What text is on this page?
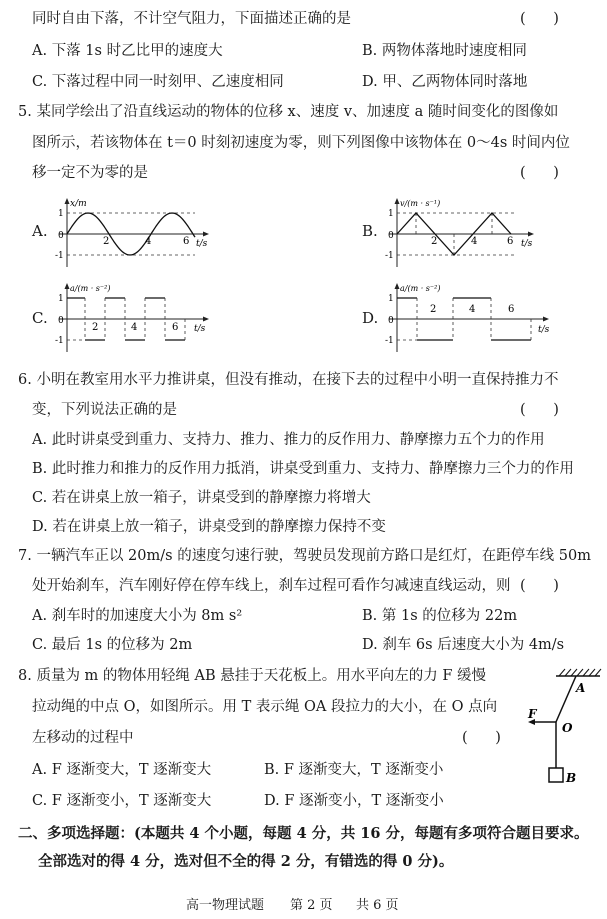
同时自由下落，不计空气阻力，下面描述正确的是	(      )
A. 下落 1s 时乙比甲的速度大	B. 两物体落地时速度相同
C. 下落过程中同一时刻甲、乙速度相同	D. 甲、乙两物体同时落地
5. 某同学绘出了沿直线运动的物体的位移 x、速度 v、加速度 a 随时间变化的图像如
图所示，若该物体在 t＝0 时刻初速度为零，则下列图像中该物体在 0～4s 时间内位
移一定不为零的是	(      )
A.
x/m
1
0
-1
2	4	6 t/s
B.
v/(m · s⁻¹)
1
0
-1
2	4	6 t/s
C.
a/(m · s⁻²)
1
0
-1
2	4	6 t/s
D.
a/(m · s⁻²)
1
0
-1
2	4	6
t/s
6. 小明在教室用水平力推讲桌，但没有推动，在接下去的过程中小明一直保持推力不
变，下列说法正确的是	(      )
A. 此时讲桌受到重力、支持力、推力、推力的反作用力、静摩擦力五个力的作用
B. 此时推力和推力的反作用力抵消，讲桌受到重力、支持力、静摩擦力三个力的作用
C. 若在讲桌上放一箱子，讲桌受到的静摩擦力将增大
D. 若在讲桌上放一箱子，讲桌受到的静摩擦力保持不变
7. 一辆汽车正以 20m/s 的速度匀速行驶，驾驶员发现前方路口是红灯，在距停车线 50m
处开始刹车，汽车刚好停在停车线上，刹车过程可看作匀减速直线运动，则 (      )
A. 刹车时的加速度大小为 8m s²	B. 第 1s 的位移为 22m
C. 最后 1s 的位移为 2m	D. 刹车 6s 后速度大小为 4m/s
8. 质量为 m 的物体用轻绳 AB 悬挂于天花板上。用水平向左的力 F 缓慢
拉动绳的中点 O，如图所示。用 T 表示绳 OA 段拉力的大小，在 O 点向
左移动的过程中	(      )
A. F 逐渐变大，T 逐渐变大	B. F 逐渐变大，T 逐渐变小
C. F 逐渐变小，T 逐渐变大	D. F 逐渐变小，T 逐渐变小
A
O
F
B
二、多项选择题：(本题共 4 个小题，每题 4 分，共 16 分，每题有多项符合题目要求。
全部选对的得 4 分，选对但不全的得 2 分，有错选的得 0 分)。
高一物理试题 第 2 页 共 6 页
